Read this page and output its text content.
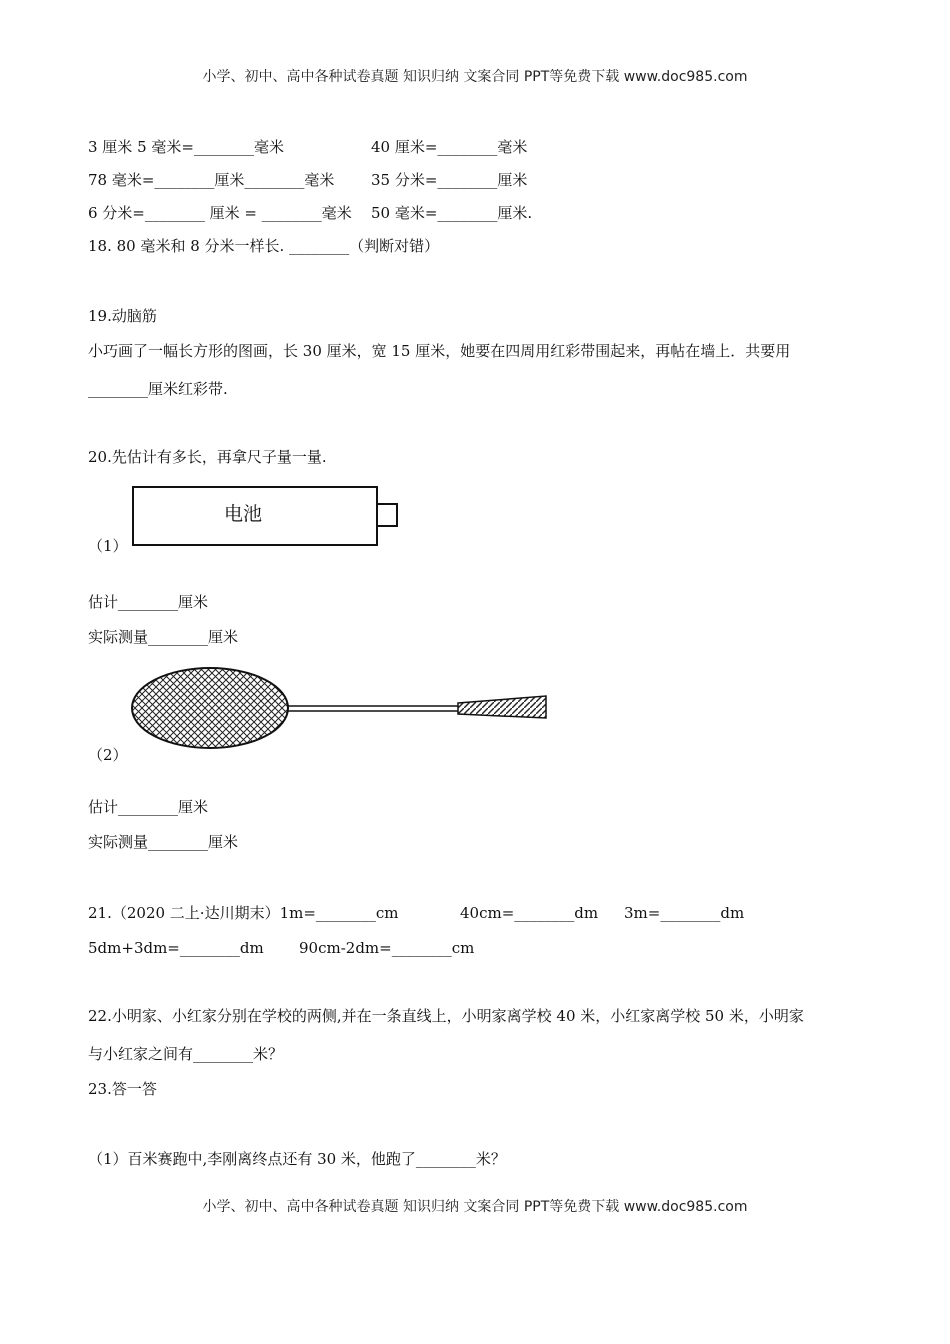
小学、初中、高中各种试卷真题 知识归纳 文案合同 PPT等免费下载 www.doc985.com
3 厘米 5 毫米=________毫米	40 厘米=________毫米
78 毫米=________厘米________毫米 35 分米=________厘米
6 分米=________ 厘米 = ________毫米 50 毫米=________厘米.
18. 80 毫米和 8 分米一样长. ________（判断对错）
19.动脑筋
小巧画了一幅长方形的图画，长 30 厘米，宽 15 厘米，她要在四周用红彩带围起来，再帖在墙上．共要用
________厘米红彩带.
20.先估计有多长，再拿尺子量一量.
电池
（1）
估计________厘米
实际测量________厘米
（2）
估计________厘米
实际测量________厘米
21.（2020 二上·达川期末）1m=________cm	40cm=________dm 3m=________dm
5dm+3dm=________dm 90cm-2dm=________cm
22.小明家、小红家分别在学校的两侧,并在一条直线上，小明家离学校 40 米，小红家离学校 50 米，小明家
与小红家之间有________米？
23.答一答
（1）百米赛跑中,李刚离终点还有 30 米，他跑了________米？
小学、初中、高中各种试卷真题 知识归纳 文案合同 PPT等免费下载 www.doc985.com
